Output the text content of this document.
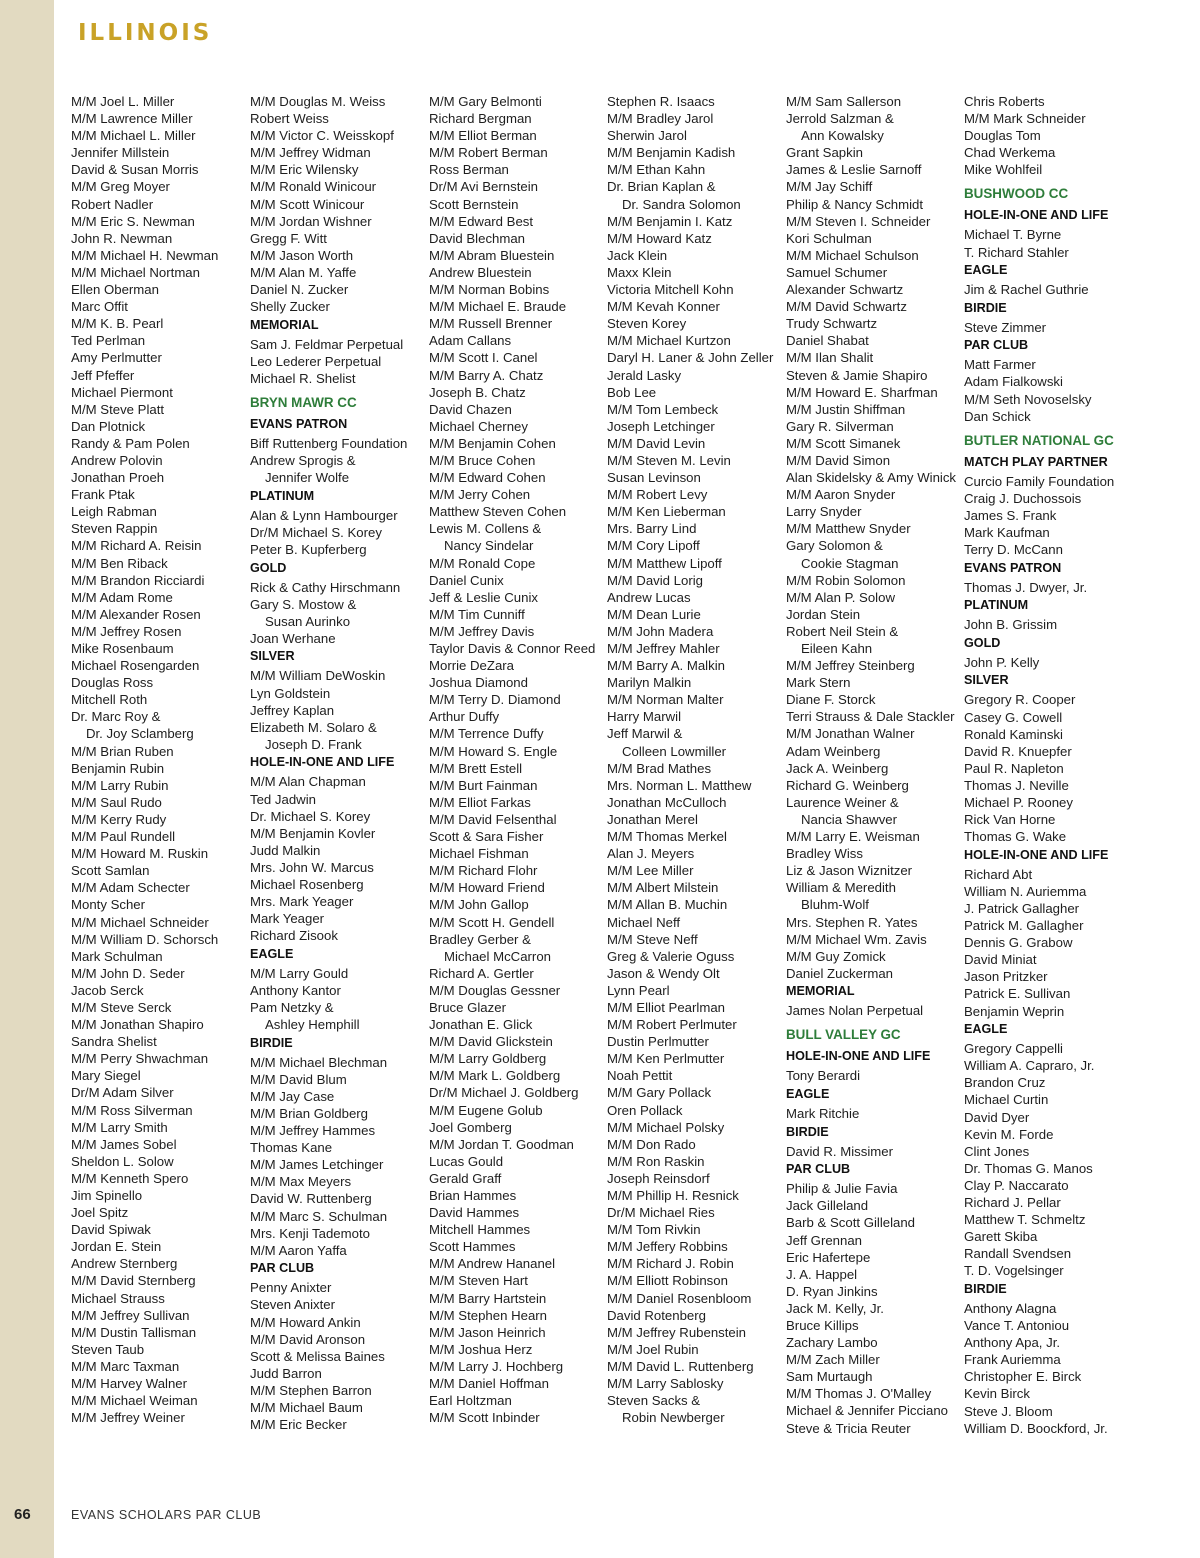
ILLINOIS
M/M Joel L. Miller
M/M Lawrence Miller
M/M Michael L. Miller
Jennifer Millstein
David & Susan Morris
M/M Greg Moyer
Robert Nadler
M/M Eric S. Newman
John R. Newman
M/M Michael H. Newman
M/M Michael Nortman
Ellen Oberman
Marc Offit
M/M K. B. Pearl
Ted Perlman
Amy Perlmutter
Jeff Pfeffer
Michael Piermont
M/M Steve Platt
Dan Plotnick
Randy & Pam Polen
Andrew Polovin
Jonathan Proeh
Frank Ptak
Leigh Rabman
Steven Rappin
M/M Richard A. Reisin
M/M Ben Riback
M/M Brandon Ricciardi
M/M Adam Rome
M/M Alexander Rosen
M/M Jeffrey Rosen
Mike Rosenbaum
Michael Rosengarden
Douglas Ross
Mitchell Roth
Dr. Marc Roy &
Dr. Joy Sclamberg
M/M Brian Ruben
Benjamin Rubin
M/M Larry Rubin
M/M Saul Rudo
M/M Kerry Rudy
M/M Paul Rundell
M/M Howard M. Ruskin
Scott Samlan
M/M Adam Schecter
Monty Scher
M/M Michael Schneider
M/M William D. Schorsch
Mark Schulman
M/M John D. Seder
Jacob Serck
M/M Steve Serck
M/M Jonathan Shapiro
Sandra Shelist
M/M Perry Shwachman
Mary Siegel
Dr/M Adam Silver
M/M Ross Silverman
M/M Larry Smith
M/M James Sobel
Sheldon L. Solow
M/M Kenneth Spero
Jim Spinello
Joel Spitz
David Spiwak
Jordan E. Stein
Andrew Sternberg
M/M David Sternberg
Michael Strauss
M/M Jeffrey Sullivan
M/M Dustin Tallisman
Steven Taub
M/M Marc Taxman
M/M Harvey Walner
M/M Michael Weiman
M/M Jeffrey Weiner
M/M Douglas M. Weiss
Robert Weiss
M/M Victor C. Weisskopf
M/M Jeffrey Widman
M/M Eric Wilensky
M/M Ronald Winicour
M/M Scott Winicour
M/M Jordan Wishner
Gregg F. Witt
M/M Jason Worth
M/M Alan M. Yaffe
Daniel N. Zucker
Shelly Zucker
MEMORIAL
Sam J. Feldmar Perpetual
Leo Lederer Perpetual
Michael R. Shelist
BRYN MAWR CC
EVANS PATRON
Biff Ruttenberg Foundation
Andrew Sprogis &
Jennifer Wolfe
PLATINUM
Alan & Lynn Hambourger
Dr/M Michael S. Korey
Peter B. Kupferberg
GOLD
Rick & Cathy Hirschmann
Gary S. Mostow &
Susan Aurinko
Joan Werhane
SILVER
M/M William DeWoskin
Lyn Goldstein
Jeffrey Kaplan
Elizabeth M. Solaro &
Joseph D. Frank
HOLE-IN-ONE AND LIFE
M/M Alan Chapman
Ted Jadwin
Dr. Michael S. Korey
M/M Benjamin Kovler
Judd Malkin
Mrs. John W. Marcus
Michael Rosenberg
Mrs. Mark Yeager
Mark Yeager
Richard Zisook
EAGLE
M/M Larry Gould
Anthony Kantor
Pam Netzky &
Ashley Hemphill
BIRDIE
M/M Michael Blechman
M/M David Blum
M/M Jay Case
M/M Brian Goldberg
M/M Jeffrey Hammes
Thomas Kane
M/M James Letchinger
M/M Max Meyers
David W. Ruttenberg
M/M Marc S. Schulman
Mrs. Kenji Tademoto
M/M Aaron Yaffa
PAR CLUB
Penny Anixter
Steven Anixter
M/M Howard Ankin
M/M David Aronson
Scott & Melissa Baines
Judd Barron
M/M Stephen Barron
M/M Michael Baum
M/M Eric Becker
M/M Gary Belmonti
Richard Bergman
M/M Elliot Berman
M/M Robert Berman
Ross Berman
Dr/M Avi Bernstein
Scott Bernstein
M/M Edward Best
David Blechman
M/M Abram Bluestein
Andrew Bluestein
M/M Norman Bobins
M/M Michael E. Braude
M/M Russell Brenner
Adam Callans
M/M Scott I. Canel
M/M Barry A. Chatz
Joseph B. Chatz
David Chazen
Michael Cherney
M/M Benjamin Cohen
M/M Bruce Cohen
M/M Edward Cohen
M/M Jerry Cohen
Matthew Steven Cohen
Lewis M. Collens &
Nancy Sindelar
M/M Ronald Cope
Daniel Cunix
Jeff & Leslie Cunix
M/M Tim Cunniff
M/M Jeffrey Davis
Taylor Davis & Connor Reed
Morrie DeZara
Joshua Diamond
M/M Terry D. Diamond
Arthur Duffy
M/M Terrence Duffy
M/M Howard S. Engle
M/M Brett Estell
M/M Burt Fainman
M/M Elliot Farkas
M/M David Felsenthal
Scott & Sara Fisher
Michael Fishman
M/M Richard Flohr
M/M Howard Friend
M/M John Gallop
M/M Scott H. Gendell
Bradley Gerber &
Michael McCarron
Richard A. Gertler
M/M Douglas Gessner
Bruce Glazer
Jonathan E. Glick
M/M David Glickstein
M/M Larry Goldberg
M/M Mark L. Goldberg
Dr/M Michael J. Goldberg
M/M Eugene Golub
Joel Gomberg
M/M Jordan T. Goodman
Lucas Gould
Gerald Graff
Brian Hammes
David Hammes
Mitchell Hammes
Scott Hammes
M/M Andrew Hananel
M/M Steven Hart
M/M Barry Hartstein
M/M Stephen Hearn
M/M Jason Heinrich
M/M Joshua Herz
M/M Larry J. Hochberg
M/M Daniel Hoffman
Earl Holtzman
M/M Scott Inbinder
Stephen R. Isaacs
M/M Bradley Jarol
Sherwin Jarol
M/M Benjamin Kadish
M/M Ethan Kahn
Dr. Brian Kaplan &
Dr. Sandra Solomon
M/M Benjamin I. Katz
M/M Howard Katz
Jack Klein
Maxx Klein
Victoria Mitchell Kohn
M/M Kevah Konner
Steven Korey
M/M Michael Kurtzon
Daryl H. Laner & John Zeller
Jerald Lasky
Bob Lee
M/M Tom Lembeck
Joseph Letchinger
M/M David Levin
M/M Steven M. Levin
Susan Levinson
M/M Robert Levy
M/M Ken Lieberman
Mrs. Barry Lind
M/M Cory Lipoff
M/M Matthew Lipoff
M/M David Lorig
Andrew Lucas
M/M Dean Lurie
M/M John Madera
M/M Jeffrey Mahler
M/M Barry A. Malkin
Marilyn Malkin
M/M Norman Malter
Harry Marwil
Jeff Marwil &
Colleen Lowmiller
M/M Brad Mathes
Mrs. Norman L. Matthew
Jonathan McCulloch
Jonathan Merel
M/M Thomas Merkel
Alan J. Meyers
M/M Lee Miller
M/M Albert Milstein
M/M Allan B. Muchin
Michael Neff
M/M Steve Neff
Greg & Valerie Oguss
Jason & Wendy Olt
Lynn Pearl
M/M Elliot Pearlman
M/M Robert Perlmuter
Dustin Perlmutter
M/M Ken Perlmutter
Noah Pettit
M/M Gary Pollack
Oren Pollack
M/M Michael Polsky
M/M Don Rado
M/M Ron Raskin
Joseph Reinsdorf
M/M Phillip H. Resnick
Dr/M Michael Ries
M/M Tom Rivkin
M/M Jeffery Robbins
M/M Richard J. Robin
M/M Elliott Robinson
M/M Daniel Rosenbloom
David Rotenberg
M/M Jeffrey Rubenstein
M/M Joel Rubin
M/M David L. Ruttenberg
M/M Larry Sablosky
Steven Sacks &
Robin Newberger
M/M Sam Sallerson
Jerrold Salzman &
Ann Kowalsky
Grant Sapkin
James & Leslie Sarnoff
M/M Jay Schiff
Philip & Nancy Schmidt
M/M Steven I. Schneider
Kori Schulman
M/M Michael Schulson
Samuel Schumer
Alexander Schwartz
M/M David Schwartz
Trudy Schwartz
Daniel Shabat
M/M Ilan Shalit
Steven & Jamie Shapiro
M/M Howard E. Sharfman
M/M Justin Shiffman
Gary R. Silverman
M/M Scott Simanek
M/M David Simon
Alan Skidelsky & Amy Winick
M/M Aaron Snyder
Larry Snyder
M/M Matthew Snyder
Gary Solomon &
Cookie Stagman
M/M Robin Solomon
M/M Alan P. Solow
Jordan Stein
Robert Neil Stein &
Eileen Kahn
M/M Jeffrey Steinberg
Mark Stern
Diane F. Storck
Terri Strauss & Dale Stackler
M/M Jonathan Walner
Adam Weinberg
Jack A. Weinberg
Richard G. Weinberg
Laurence Weiner &
Nancia Shawver
M/M Larry E. Weisman
Bradley Wiss
Liz & Jason Wiznitzer
William & Meredith
Bluhm-Wolf
Mrs. Stephen R. Yates
M/M Michael Wm. Zavis
M/M Guy Zomick
Daniel Zuckerman
MEMORIAL
James Nolan Perpetual
BULL VALLEY GC
HOLE-IN-ONE AND LIFE
Tony Berardi
EAGLE
Mark Ritchie
BIRDIE
David R. Missimer
PAR CLUB
Philip & Julie Favia
Jack Gilleland
Barb & Scott Gilleland
Jeff Grennan
Eric Hafertepe
J. A. Happel
D. Ryan Jinkins
Jack M. Kelly, Jr.
Bruce Killips
Zachary Lambo
M/M Zach Miller
Sam Murtaugh
M/M Thomas J. O'Malley
Michael & Jennifer Picciano
Steve & Tricia Reuter
Chris Roberts
M/M Mark Schneider
Douglas Tom
Chad Werkema
Mike Wohlfeil
BUSHWOOD CC
HOLE-IN-ONE AND LIFE
Michael T. Byrne
T. Richard Stahler
EAGLE
Jim & Rachel Guthrie
BIRDIE
Steve Zimmer
PAR CLUB
Matt Farmer
Adam Fialkowski
M/M Seth Novoselsky
Dan Schick
BUTLER NATIONAL GC
MATCH PLAY PARTNER
Curcio Family Foundation
Craig J. Duchossois
James S. Frank
Mark Kaufman
Terry D. McCann
EVANS PATRON
Thomas J. Dwyer, Jr.
PLATINUM
John B. Grissim
GOLD
John P. Kelly
SILVER
Gregory R. Cooper
Casey G. Cowell
Ronald Kaminski
David R. Knuepfer
Paul R. Napleton
Thomas J. Neville
Michael P. Rooney
Rick Van Horne
Thomas G. Wake
HOLE-IN-ONE AND LIFE
Richard Abt
William N. Auriemma
J. Patrick Gallagher
Patrick M. Gallagher
Dennis G. Grabow
David Miniat
Jason Pritzker
Patrick E. Sullivan
Benjamin Weprin
EAGLE
Gregory Cappelli
William A. Capraro, Jr.
Brandon Cruz
Michael Curtin
David Dyer
Kevin M. Forde
Clint Jones
Dr. Thomas G. Manos
Clay P. Naccarato
Richard J. Pellar
Matthew T. Schmeltz
Garett Skiba
Randall Svendsen
T. D. Vogelsinger
BIRDIE
Anthony Alagna
Vance T. Antoniou
Anthony Apa, Jr.
Frank Auriemma
Christopher E. Birck
Kevin Birck
Steve J. Bloom
William D. Boockford, Jr.
66	EVANS SCHOLARS PAR CLUB
